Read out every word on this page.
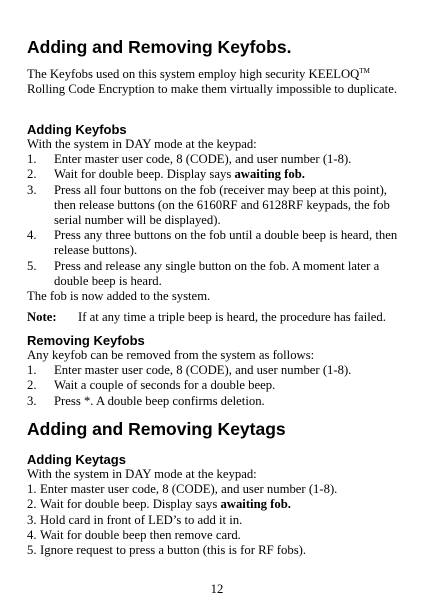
Adding and Removing Keyfobs.
The Keyfobs used on this system employ high security KEELOQ™ Rolling Code Encryption to make them virtually impossible to duplicate.
Adding Keyfobs
With the system in DAY mode at the keypad:
1. Enter master user code, 8 (CODE), and user number (1-8).
2. Wait for double beep. Display says awaiting fob.
3. Press all four buttons on the fob (receiver may beep at this point), then release buttons (on the 6160RF and 6128RF keypads, the fob serial number will be displayed).
4. Press any three buttons on the fob until a double beep is heard, then release buttons).
5. Press and release any single button on the fob. A moment later a double beep is heard.
The fob is now added to the system.
Note: If at any time a triple beep is heard, the procedure has failed.
Removing Keyfobs
Any keyfob can be removed from the system as follows:
1. Enter master user code, 8 (CODE), and user number (1-8).
2. Wait a couple of seconds for a double beep.
3. Press *. A double beep confirms deletion.
Adding and Removing Keytags
Adding Keytags
With the system in DAY mode at the keypad:
1. Enter master user code, 8 (CODE), and user number (1-8).
2. Wait for double beep. Display says awaiting fob.
3. Hold card in front of LED’s to add it in.
4. Wait for double beep then remove card.
5. Ignore request to press a button (this is for RF fobs).
12
